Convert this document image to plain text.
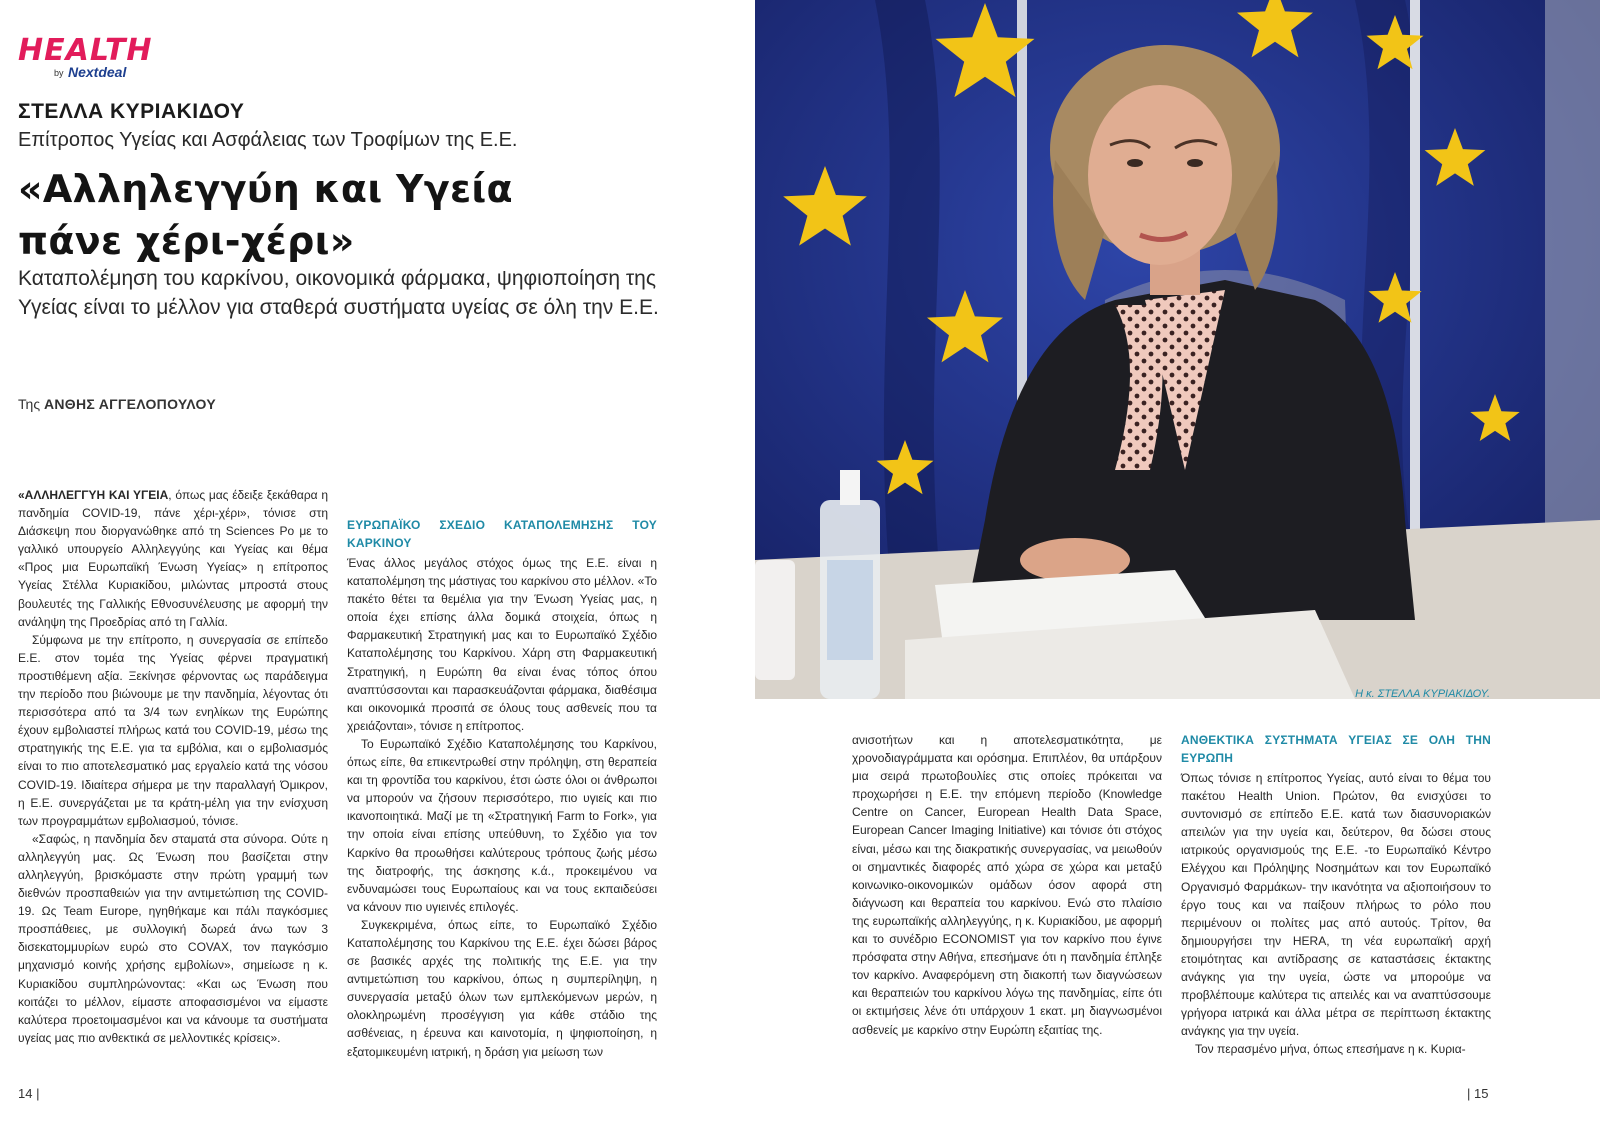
HEALTH
by Nextdeal
ΣΤΕΛΛΑ ΚΥΡΙΑΚΙΔΟΥ
Επίτροπος Υγείας και Ασφάλειας των Τροφίμων της Ε.Ε.
«Αλληλεγγύη και Υγεία
πάνε χέρι-χέρι»
Καταπολέμηση του καρκίνου, οικονομικά φάρμακα, ψηφιοποίηση της Υγείας είναι το μέλλον για σταθερά συστήματα υγείας σε όλη την Ε.Ε.
Της ΑΝΘΗΣ ΑΓΓΕΛΟΠΟΥΛΟΥ
Η κ. ΣΤΕΛΛΑ ΚΥΡΙΑΚΙΔΟΥ.

«ΑΛΛΗΛΕΓΓΥΗ ΚΑΙ ΥΓΕΙΑ, όπως μας έδειξε ξεκάθαρα η πανδημία COVID-19, πάνε χέρι-χέρι», τόνισε στη Διάσκεψη που διοργανώθηκε από τη Sciences Po με το γαλλικό υπουργείο Αλληλεγγύης και Υγείας και θέμα «Προς μια Ευρωπαϊκή Ένωση Υγείας» η επίτροπος Υγείας Στέλλα Κυριακίδου, μιλώντας μπροστά στους βουλευτές της Γαλλικής Εθνοσυνέλευσης με αφορμή την ανάληψη της Προεδρίας από τη Γαλλία.

Σύμφωνα με την επίτροπο, η συνεργασία σε επίπεδο Ε.Ε. στον τομέα της Υγείας φέρνει πραγματική προστιθέμενη αξία. Ξεκίνησε φέρνοντας ως παράδειγμα την περίοδο που βιώνουμε με την πανδημία, λέγοντας ότι περισσότερα από τα 3/4 των ενηλίκων της Ευρώπης έχουν εμβολιαστεί πλήρως κατά του COVID-19, μέσω της στρατηγικής της Ε.Ε. για τα εμβόλια, και ο εμβολιασμός είναι το πιο αποτελεσματικό μας εργαλείο κατά της νόσου COVID-19. Ιδιαίτερα σήμερα με την παραλλαγή Όμικρον, η Ε.Ε. συνεργάζεται με τα κράτη-μέλη για την ενίσχυση των προγραμμάτων εμβολιασμού, τόνισε.

«Σαφώς, η πανδημία δεν σταματά στα σύνορα. Ούτε η αλληλεγγύη μας. Ως Ένωση που βασίζεται στην αλληλεγγύη, βρισκόμαστε στην πρώτη γραμμή των διεθνών προσπαθειών για την αντιμετώπιση της COVID-19. Ως Team Europe, ηγηθήκαμε και πάλι παγκόσμιες προσπάθειες, με συλλογική δωρεά άνω των 3 δισεκατομμυρίων ευρώ στο COVAX, τον παγκόσμιο μηχανισμό κοινής χρήσης εμβολίων», σημείωσε η κ. Κυριακίδου συμπληρώνοντας: «Και ως Ένωση που κοιτάζει το μέλλον, είμαστε αποφασισμένοι να είμαστε καλύτερα προετοιμασμένοι και να κάνουμε τα συστήματα υγείας μας πιο ανθεκτικά σε μελλοντικές κρίσεις».

ΕΥΡΩΠΑΪΚΟ ΣΧΕΔΙΟ ΚΑΤΑΠΟΛΕΜΗΣΗΣ ΤΟΥ ΚΑΡΚΙΝΟΥ

Ένας άλλος μεγάλος στόχος όμως της Ε.Ε. είναι η καταπολέμηση της μάστιγας του καρκίνου στο μέλλον. «Το πακέτο θέτει τα θεμέλια για την Ένωση Υγείας μας, η οποία έχει επίσης άλλα δομικά στοιχεία, όπως η Φαρμακευτική Στρατηγική μας και το Ευρωπαϊκό Σχέδιο Καταπολέμησης του Καρκίνου. Χάρη στη Φαρμακευτική Στρατηγική, η Ευρώπη θα είναι ένας τόπος όπου αναπτύσσονται και παρασκευάζονται φάρμακα, διαθέσιμα και οικονομικά προσιτά σε όλους τους ασθενείς που τα χρειάζονται», τόνισε η επίτροπος.

Το Ευρωπαϊκό Σχέδιο Καταπολέμησης του Καρκίνου, όπως είπε, θα επικεντρωθεί στην πρόληψη, στη θεραπεία και τη φροντίδα του καρκίνου, έτσι ώστε όλοι οι άνθρωποι να μπορούν να ζήσουν περισσότερο, πιο υγιείς και πιο ικανοποιητικά. Μαζί με τη «Στρατηγική Farm to Fork», για την οποία είναι επίσης υπεύθυνη, το Σχέδιο για τον Καρκίνο θα προωθήσει καλύτερους τρόπους ζωής μέσω της διατροφής, της άσκησης κ.ά., προκειμένου να ενδυναμώσει τους Ευρωπαίους και να τους εκπαιδεύσει να κάνουν πιο υγιεινές επιλογές.

Συγκεκριμένα, όπως είπε, το Ευρωπαϊκό Σχέδιο Καταπολέμησης του Καρκίνου της Ε.Ε. έχει δώσει βάρος σε βασικές αρχές της πολιτικής της Ε.Ε. για την αντιμετώπιση του καρκίνου, όπως η συμπερίληψη, η συνεργασία μεταξύ όλων των εμπλεκόμενων μερών, η ολοκληρωμένη προσέγγιση για κάθε στάδιο της ασθένειας, η έρευνα και καινοτομία, η ψηφιοποίηση, η εξατομικευμένη ιατρική, η δράση για μείωση των

ΑΝΘΕΚΤΙΚΑ ΣΥΣΤΗΜΑΤΑ ΥΓΕΙΑΣ ΣΕ ΟΛΗ ΤΗΝ ΕΥΡΩΠΗ

Όπως τόνισε η επίτροπος Υγείας, αυτό είναι το θέμα του πακέτου Health Union. Πρώτον, θα ενισχύσει το συντονισμό σε επίπεδο Ε.Ε. κατά των διασυνοριακών απειλών για την υγεία και, δεύτερον, θα δώσει στους ιατρικούς οργανισμούς της Ε.Ε. -το Ευρωπαϊκό Κέντρο Ελέγχου και Πρόληψης Νοσημάτων και τον Ευρωπαϊκό Οργανισμό Φαρμάκων- την ικανότητα να αξιοποιήσουν το έργο τους και να παίξουν πλήρως το ρόλο που περιμένουν οι πολίτες μας από αυτούς. Τρίτον, θα δημιουργήσει την HERA, τη νέα ευρωπαϊκή αρχή ετοιμότητας και αντίδρασης σε καταστάσεις έκτακτης ανάγκης για την υγεία, ώστε να μπορούμε να προβλέπουμε καλύτερα τις απειλές και να αναπτύσσουμε γρήγορα ιατρικά και άλλα μέτρα σε περίπτωση έκτακτης ανάγκης για την υγεία.

Τον περασμένο μήνα, όπως επεσήμανε η κ. Κυρια-

14 |	| 15

ανισοτήτων και η αποτελεσματικότητα, με χρονοδιαγράμματα και ορόσημα. Επιπλέον, θα υπάρξουν μια σειρά πρωτοβουλίες στις οποίες πρόκειται να προχωρήσει η Ε.Ε. την επόμενη περίοδο (Knowledge Centre on Cancer, European Health Data Space, European Cancer Imaging Initiative) και τόνισε ότι στόχος είναι, μέσω και της διακρατικής συνεργασίας, να μειωθούν οι σημαντικές διαφορές από χώρα σε χώρα και μεταξύ κοινωνικο-οικονομικών ομάδων όσον αφορά στη διάγνωση και θεραπεία του καρκίνου. Ενώ στο πλαίσιο της ευρωπαϊκής αλληλεγγύης, η κ. Κυριακίδου, με αφορμή και το συνέδριο ECONOMIST για τον καρκίνο που έγινε πρόσφατα στην Αθήνα, επεσήμανε ότι η πανδημία έπληξε τον καρκίνο. Αναφερόμενη στη διακοπή των διαγνώσεων και θεραπειών του καρκίνου λόγω της πανδημίας, είπε ότι οι εκτιμήσεις λένε ότι υπάρχουν 1 εκατ. μη διαγνωσμένοι ασθενείς με καρκίνο στην Ευρώπη εξαιτίας της.
